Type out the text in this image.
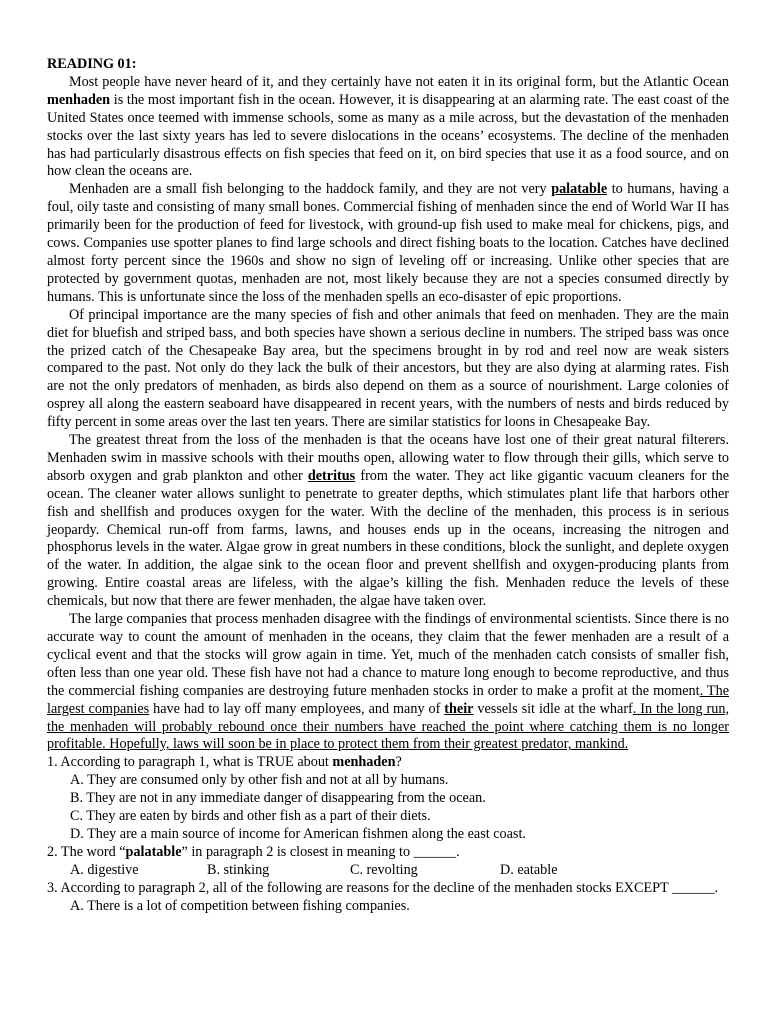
READING 01:

Most people have never heard of it, and they certainly have not eaten it in its original form, but the Atlantic Ocean menhaden is the most important fish in the ocean. However, it is disappearing at an alarming rate. The east coast of the United States once teemed with immense schools, some as many as a mile across, but the devastation of the menhaden stocks over the last sixty years has led to severe dislocations in the oceans’ ecosystems. The decline of the menhaden has had particularly disastrous effects on fish species that feed on it, on bird species that use it as a food source, and on how clean the oceans are.

Menhaden are a small fish belonging to the haddock family, and they are not very palatable to humans, having a foul, oily taste and consisting of many small bones. Commercial fishing of menhaden since the end of World War II has primarily been for the production of feed for livestock, with ground-up fish used to make meal for chickens, pigs, and cows. Companies use spotter planes to find large schools and direct fishing boats to the location. Catches have declined almost forty percent since the 1960s and show no sign of leveling off or increasing. Unlike other species that are protected by government quotas, menhaden are not, most likely because they are not a species consumed directly by humans. This is unfortunate since the loss of the menhaden spells an eco-disaster of epic proportions.

Of principal importance are the many species of fish and other animals that feed on menhaden. They are the main diet for bluefish and striped bass, and both species have shown a serious decline in numbers. The striped bass was once the prized catch of the Chesapeake Bay area, but the specimens brought in by rod and reel now are weak sisters compared to the past. Not only do they lack the bulk of their ancestors, but they are also dying at alarming rates. Fish are not the only predators of menhaden, as birds also depend on them as a source of nourishment. Large colonies of osprey all along the eastern seaboard have disappeared in recent years, with the numbers of nests and birds reduced by fifty percent in some areas over the last ten years. There are similar statistics for loons in Chesapeake Bay.

The greatest threat from the loss of the menhaden is that the oceans have lost one of their great natural filterers. Menhaden swim in massive schools with their mouths open, allowing water to flow through their gills, which serve to absorb oxygen and grab plankton and other detritus from the water. They act like gigantic vacuum cleaners for the ocean. The cleaner water allows sunlight to penetrate to greater depths, which stimulates plant life that harbors other fish and shellfish and produces oxygen for the water. With the decline of the menhaden, this process is in serious jeopardy. Chemical run-off from farms, lawns, and houses ends up in the oceans, increasing the nitrogen and phosphorus levels in the water. Algae grow in great numbers in these conditions, block the sunlight, and deplete oxygen of the water. In addition, the algae sink to the ocean floor and prevent shellfish and oxygen-producing plants from growing. Entire coastal areas are lifeless, with the algae’s killing the fish. Menhaden reduce the levels of these chemicals, but now that there are fewer menhaden, the algae have taken over.

The large companies that process menhaden disagree with the findings of environmental scientists. Since there is no accurate way to count the amount of menhaden in the oceans, they claim that the fewer menhaden are a result of a cyclical event and that the stocks will grow again in time. Yet, much of the menhaden catch consists of smaller fish, often less than one year old. These fish have not had a chance to mature long enough to become reproductive, and thus the commercial fishing companies are destroying future menhaden stocks in order to make a profit at the moment. The largest companies have had to lay off many employees, and many of their vessels sit idle at the wharf. In the long run, the menhaden will probably rebound once their numbers have reached the point where catching them is no longer profitable. Hopefully, laws will soon be in place to protect them from their greatest predator, mankind.

1. According to paragraph 1, what is TRUE about menhaden?

A. They are consumed only by other fish and not at all by humans.

B. They are not in any immediate danger of disappearing from the ocean.

C. They are eaten by birds and other fish as a part of their diets.

D. They are a main source of income for American fishmen along the east coast.

2. The word “palatable” in paragraph 2 is closest in meaning to ______.

A. digestive	B. stinking	C. revolting	D. eatable

3. According to paragraph 2, all of the following are reasons for the decline of the menhaden stocks EXCEPT ______.

A. There is a lot of competition between fishing companies.
